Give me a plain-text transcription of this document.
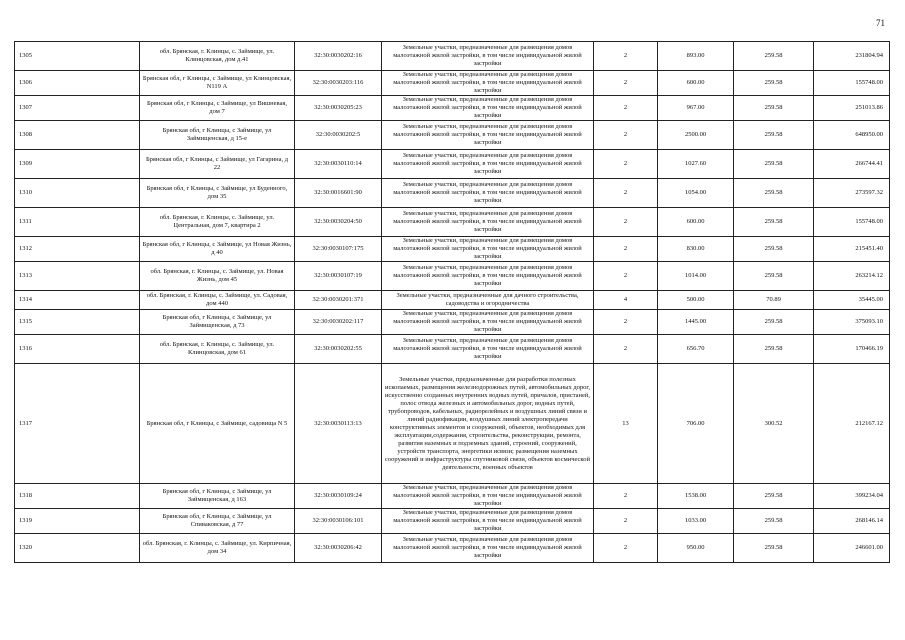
71
1305	обл. Брянская, г. Клинцы, с. Займище, ул. Клинцовская, дом д.41	32:30:0030202:16	Земельные участки, предназначенные для размещения домов малоэтажной жилой застройки, в том числе индивидуальной жилой застройки	2	893.00	259.58	231804.94
1306	Брянская обл, г Клинцы, с Займище, ул Клинцовская, N119 А	32:30:0030203:116	Земельные участки, предназначенные для размещения домов малоэтажной жилой застройки, в том числе индивидуальной жилой застройки	2	600.00	259.58	155748.00
1307	Брянская обл, г Клинцы, с Займище, ул Вишневая, дом 7	32:30:0030205:23	Земельные участки, предназначенные для размещения домов малоэтажной жилой застройки, в том числе индивидуальной жилой застройки	2	967.00	259.58	251013.86
1308	Брянская обл, г Клинцы, с Займище, ул Займищенская, д 15-е	32:30:0030202:5	Земельные участки, предназначенные для размещения домов малоэтажной жилой застройки, в том числе индивидуальной жилой застройки	2	2500.00	259.58	648950.00
1309	Брянская обл, г Клинцы, с Займище, ул Гагарина, д 22	32:30:0030110:14	Земельные участки, предназначенные для размещения домов малоэтажной жилой застройки, в том числе индивидуальной жилой застройки	2	1027.60	259.58	266744.41
1310	Брянская обл, г Клинцы, с Займище, ул Буденного, дом 35	32:30:0016601:90	Земельные участки, предназначенные для размещения домов малоэтажной жилой застройки, в том числе индивидуальной жилой застройки	2	1054.00	259.58	273597.32
1311	обл. Брянская, г. Клинцы, с. Займище, ул. Центральная, дом 7, квартира 2	32:30:0030204:50	Земельные участки, предназначенные для размещения домов малоэтажной жилой застройки, в том числе индивидуальной жилой застройки	2	600.00	259.58	155748.00
1312	Брянская обл, г Клинцы, с Займище, ул Новая Жизнь, д 40	32:30:0030107:175	Земельные участки, предназначенные для размещения домов малоэтажной жилой застройки, в том числе индивидуальной жилой застройки	2	830.00	259.58	215451.40
1313	обл. Брянская, г. Клинцы, с. Займище, ул. Новая Жизнь, дом 45	32:30:0030107:19	Земельные участки, предназначенные для размещения домов малоэтажной жилой застройки, в том числе индивидуальной жилой застройки	2	1014.00	259.58	263214.12
1314	обл. Брянская, г. Клинцы, с. Займище, ул. Садовая, дом 440	32:30:0030201:371	Земельные участки, предназначенные для дачного строительства, садоводства и огородничества	4	500.00	70.89	35445.00
1315	Брянская обл, г Клинцы, с Займище, ул Займищенская, д 73	32:30:0030202:117	Земельные участки, предназначенные для размещения домов малоэтажной жилой застройки, в том числе индивидуальной жилой застройки	2	1445.00	259.58	375093.10
1316	обл. Брянская, г. Клинцы, с. Займище, ул. Клинцовская, дом 61	32:30:0030202:55	Земельные участки, предназначенные для размещения домов малоэтажной жилой застройки, в том числе индивидуальной жилой застройки	2	656.70	259.58	170466.19
1317	Брянская обл, г Клинцы, с Займище, садовища N 5	32:30:0030113:13	Земельные участки, предназначенные для разработки полезных ископаемых, размещения железнодорожных путей, автомобильных дорог, искусственно созданных внутренних водных путей, причалов, пристаней, полос отвода железных и автомобильных дорог, водных путей, трубопроводов, кабельных, радиорелейных и воздушных линий связи и линий радиофикации, воздушных линий электропередачи конструктивных элементов и сооружений, объектов, необходимых для эксплуатации,содержания, строительства, реконструкции, ремонта, развития наземных и подземных зданий, строений, сооружений, устройств транспорта, энергетики исвязи; размещения наземных сооружений и инфраструктуры спутниковой связи, объектов космической деятельности, военных объектов	13	706.00	300.52	212167.12
1318	Брянская обл, г Клинцы, с Займище, ул Займищенская, д 163	32:30:0030109:24	Земельные участки, предназначенные для размещения домов малоэтажной жилой застройки, в том числе индивидуальной жилой застройки	2	1538.00	259.58	399234.04
1319	Брянская обл, г Клинцы, с Займище, ул Спиваковская, д 77	32:30:0030106:101	Земельные участки, предназначенные для размещения домов малоэтажной жилой застройки, в том числе индивидуальной жилой застройки	2	1033.00	259.58	268146.14
1320	обл. Брянская, г. Клинцы, с. Займище, ул. Кирпичная, дом 34	32:30:0030206:42	Земельные участки, предназначенные для размещения домов малоэтажной жилой застройки, в том числе индивидуальной жилой застройки	2	950.00	259.58	246601.00
